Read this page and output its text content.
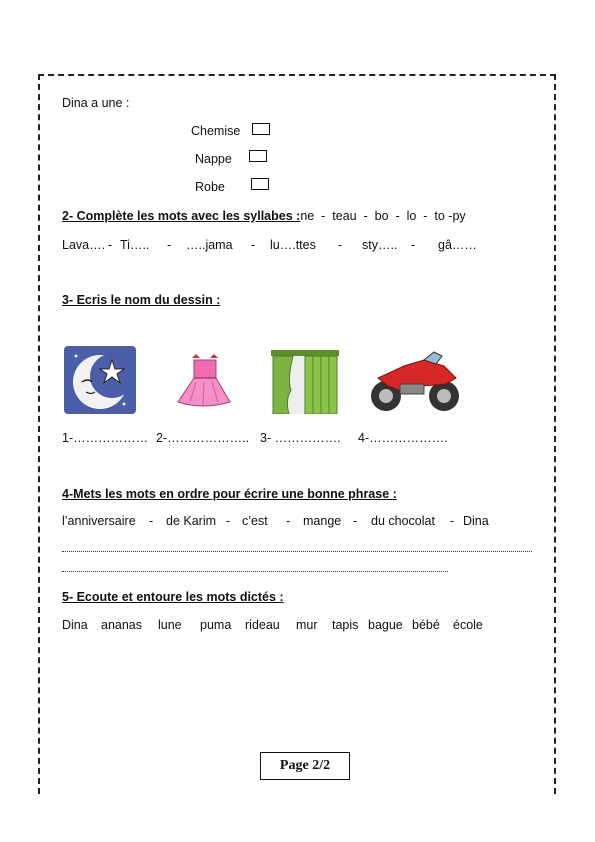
Dina a une :
Chemise
Nappe
Robe
2- Complète les mots avec les syllabes :ne  -  teau  -  bo  -  lo  -  to -py
Lava…. - Ti….. - …..jama - lu….ttes - sty….. - gâ……
3- Ecris le nom du dessin :
1-……………… 2-……………….. 3- ……………. 4-……………….
4-Mets les mots en ordre pour écrire une bonne phrase :
l’anniversaire - de Karim - c’est - mange - du chocolat - Dina
5- Ecoute et entoure les mots dictés :
Dina ananas lune puma rideau mur tapis bague bébé école
Page 2/2
